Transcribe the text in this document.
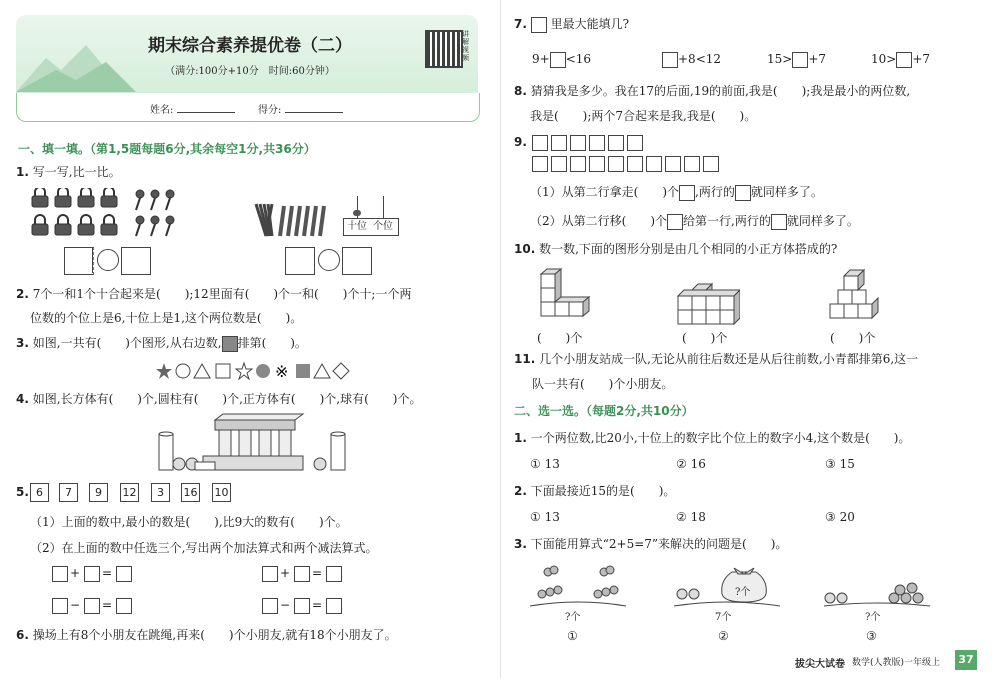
期末综合素养提优卷（二）
（满分:100分+10分　时间:60分钟）
讲解视频
姓名:	得分:
一、填一填。（第1,5题每题6分,其余每空1分,共36分）
1. 写一写,比一比。
十位 个位
2. 7个一和1个十合起来是(　　);12里面有(　　)个一和(　　)个十;一个两
位数的个位上是6,十位上是1,这个两位数是(　　)。
3. 如图,一共有(　　)个图形,从右边数, 排第(　　)。
※
4. 如图,长方体有(　　)个,圆柱有(　　)个,正方体有(　　)个,球有(　　)个。
5. 6	7	9	12	3	16 10
（1）上面的数中,最小的数是(　　),比9大的数有(　　)个。
（2）在上面的数中任选三个,写出两个加法算式和两个减法算式。
+ =	+ =
− =	− =
6. 操场上有8个小朋友在跳绳,再来(　　)个小朋友,就有18个小朋友了。
7. 里最大能填几?
9+ <16	+8<12	15> +7	10> +7
8. 猜猜我是多少。我在17的后面,19的前面,我是(　　);我是最小的两位数,
我是(　　);两个7合起来是我,我是(　　)。
9.
（1）从第二行拿走(　　)个 ,两行的 就同样多了。
（2）从第二行移(　　)个 给第一行,两行的 就同样多了。
10. 数一数,下面的图形分别是由几个相同的小正方体搭成的?
(　　)个	(　　)个	(　　)个
11. 几个小朋友站成一队,无论从前往后数还是从后往前数,小青都排第6,这一
队一共有(　　)个小朋友。
二、选一选。（每题2分,共10分）
1. 一个两位数,比20小,十位上的数字比个位上的数字小4,这个数是(　　)。
① 13	② 16	③ 15
2. 下面最接近15的是(　　)。
① 13	② 18	③ 20
3. 下面能用算式“2+5=7”来解决的问题是(　　)。
?个
?个
7个	?个
①	②	③
拔尖大试卷 数学(人教版)一年级上	37
